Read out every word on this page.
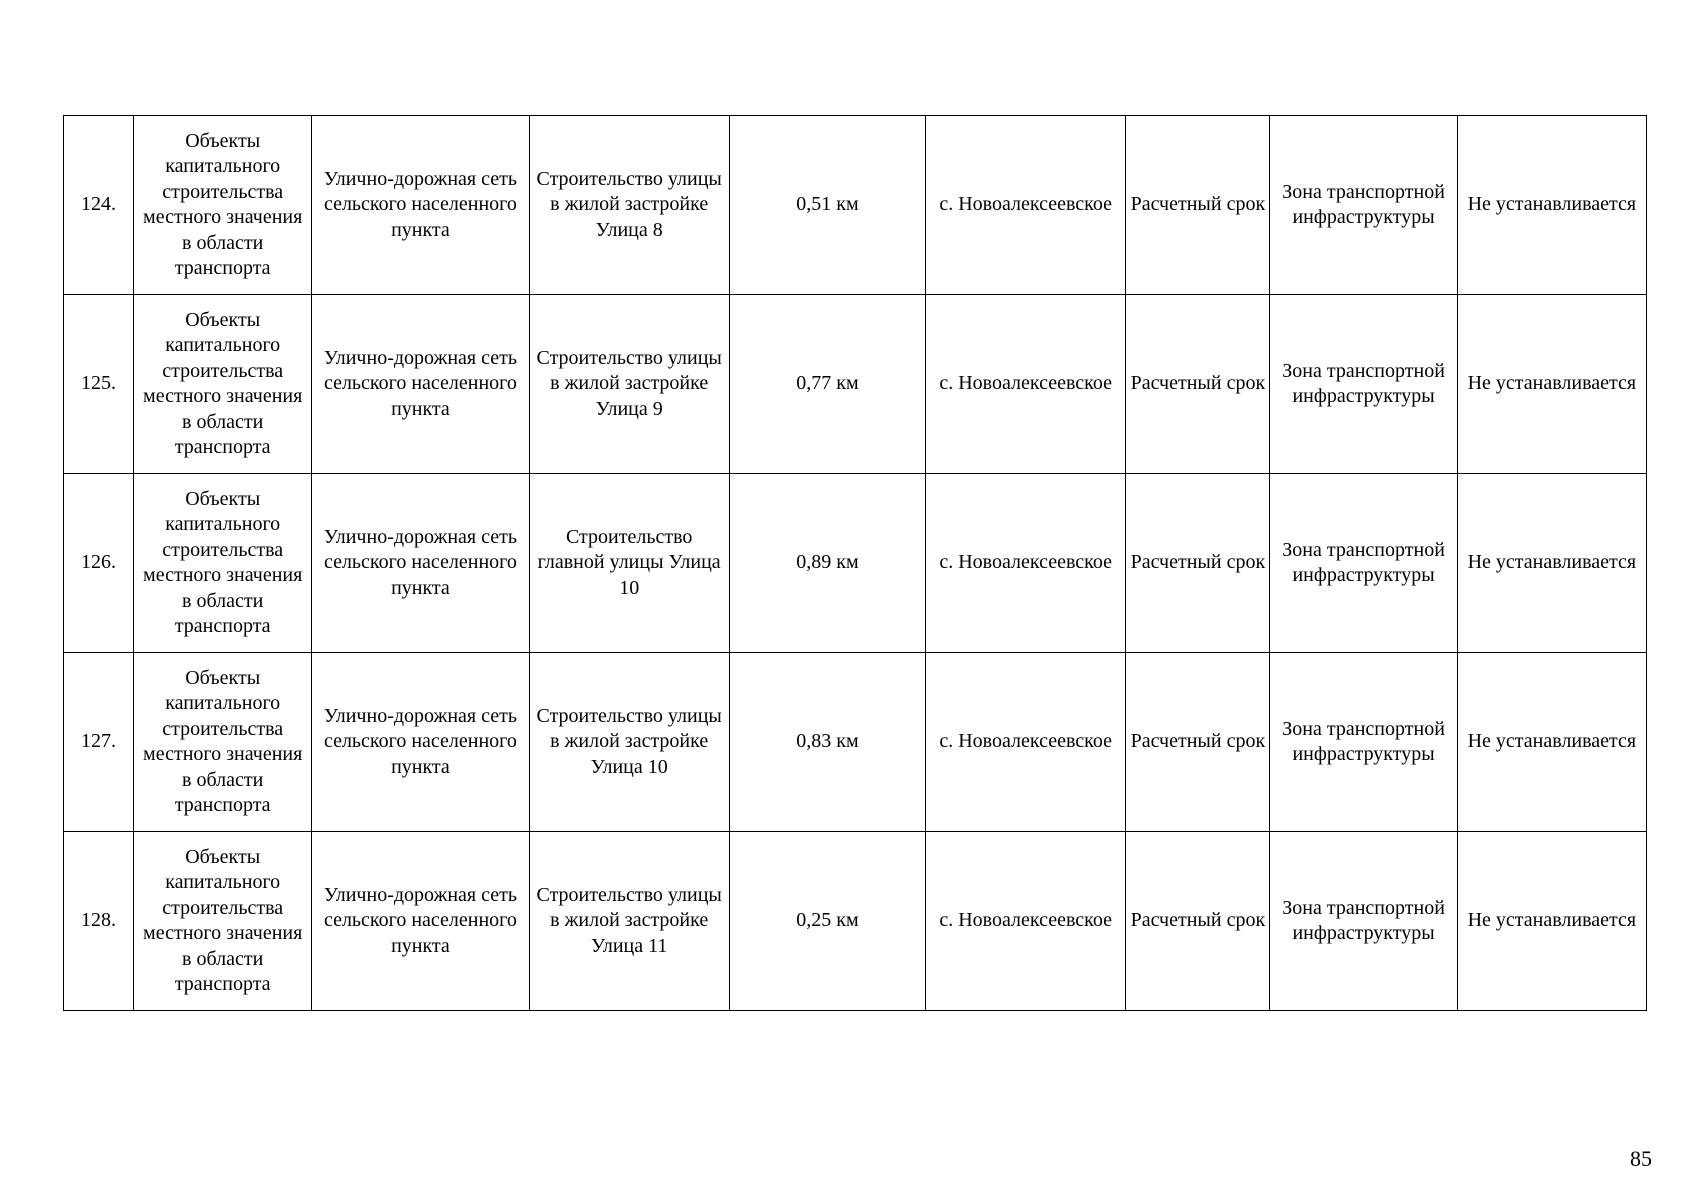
124.	Объекты капитального строительства местного значения в области транспорта	Улично-дорожная сеть сельского населенного пункта	Строительство улицы в жилой застройке Улица 8	0,51 км	с. Новоалексеевское	Расчетный срок	Зона транспортной инфраструктуры	Не устанавливается
125.	Объекты капитального строительства местного значения в области транспорта	Улично-дорожная сеть сельского населенного пункта	Строительство улицы в жилой застройке Улица 9	0,77 км	с. Новоалексеевское	Расчетный срок	Зона транспортной инфраструктуры	Не устанавливается
126.	Объекты капитального строительства местного значения в области транспорта	Улично-дорожная сеть сельского населенного пункта	Строительство главной улицы Улица 10	0,89 км	с. Новоалексеевское	Расчетный срок	Зона транспортной инфраструктуры	Не устанавливается
127.	Объекты капитального строительства местного значения в области транспорта	Улично-дорожная сеть сельского населенного пункта	Строительство улицы в жилой застройке Улица 10	0,83 км	с. Новоалексеевское	Расчетный срок	Зона транспортной инфраструктуры	Не устанавливается
128.	Объекты капитального строительства местного значения в области транспорта	Улично-дорожная сеть сельского населенного пункта	Строительство улицы в жилой застройке Улица 11	0,25 км	с. Новоалексеевское	Расчетный срок	Зона транспортной инфраструктуры	Не устанавливается
85
